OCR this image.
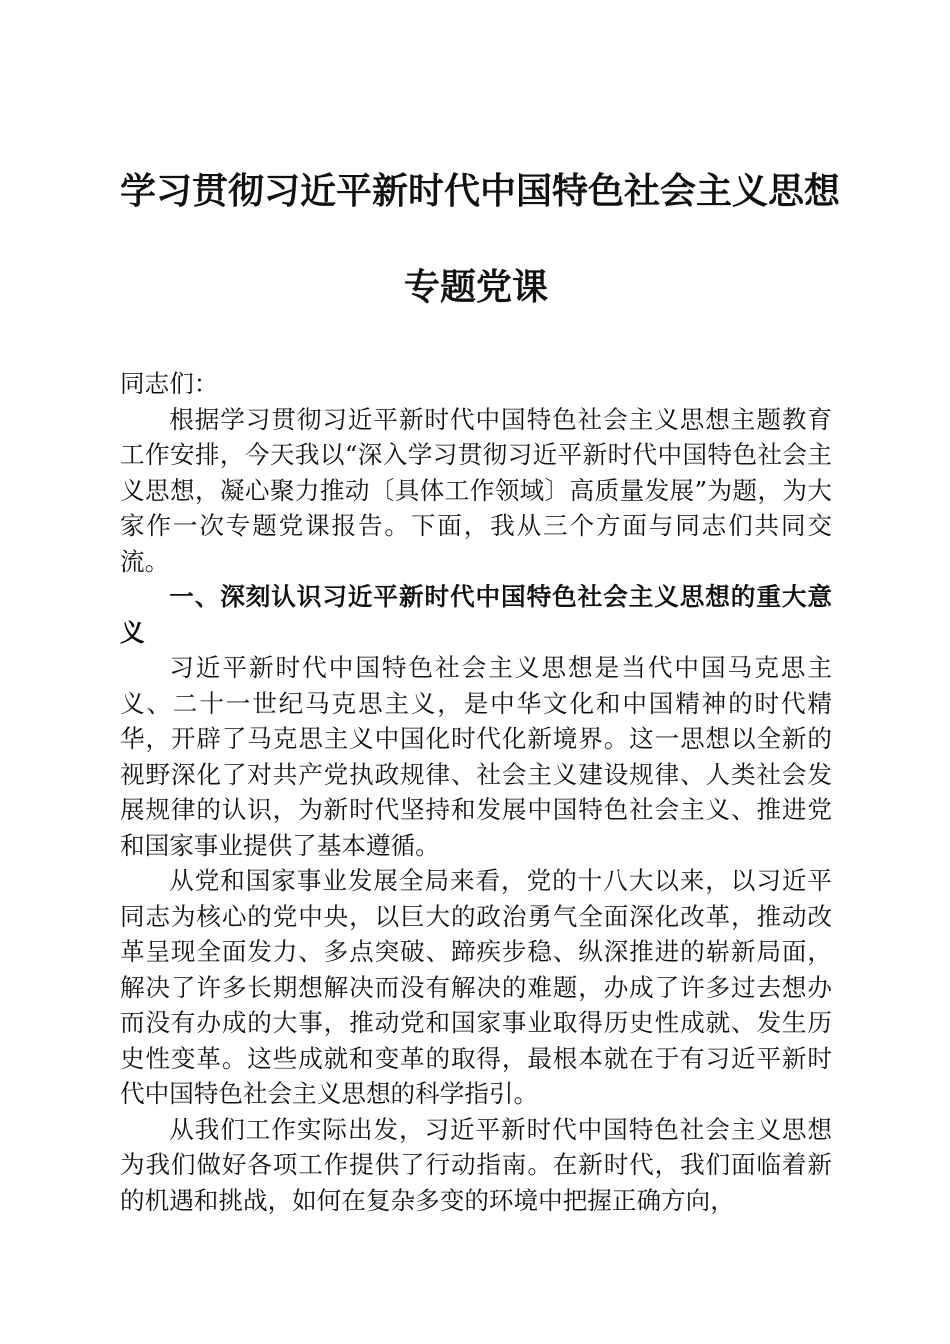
学习贯彻习近平新时代中国特色社会主义思想
专题党课

同志们：

根据学习贯彻习近平新时代中国特色社会主义思想主题教育工作安排，今天我以“深入学习贯彻习近平新时代中国特色社会主义思想，凝心聚力推动〔具体工作领域〕高质量发展”为题，为大家作一次专题党课报告。下面，我从三个方面与同志们共同交流。

一、深刻认识习近平新时代中国特色社会主义思想的重大意义

习近平新时代中国特色社会主义思想是当代中国马克思主义、二十一世纪马克思主义，是中华文化和中国精神的时代精华，开辟了马克思主义中国化时代化新境界。这一思想以全新的视野深化了对共产党执政规律、社会主义建设规律、人类社会发展规律的认识，为新时代坚持和发展中国特色社会主义、推进党和国家事业提供了基本遵循。

从党和国家事业发展全局来看，党的十八大以来，以习近平同志为核心的党中央，以巨大的政治勇气全面深化改革，推动改革呈现全面发力、多点突破、蹄疾步稳、纵深推进的崭新局面，解决了许多长期想解决而没有解决的难题，办成了许多过去想办而没有办成的大事，推动党和国家事业取得历史性成就、发生历史性变革。这些成就和变革的取得，最根本就在于有习近平新时代中国特色社会主义思想的科学指引。

从我们工作实际出发，习近平新时代中国特色社会主义思想为我们做好各项工作提供了行动指南。在新时代，我们面临着新的机遇和挑战，如何在复杂多变的环境中把握正确方向，
